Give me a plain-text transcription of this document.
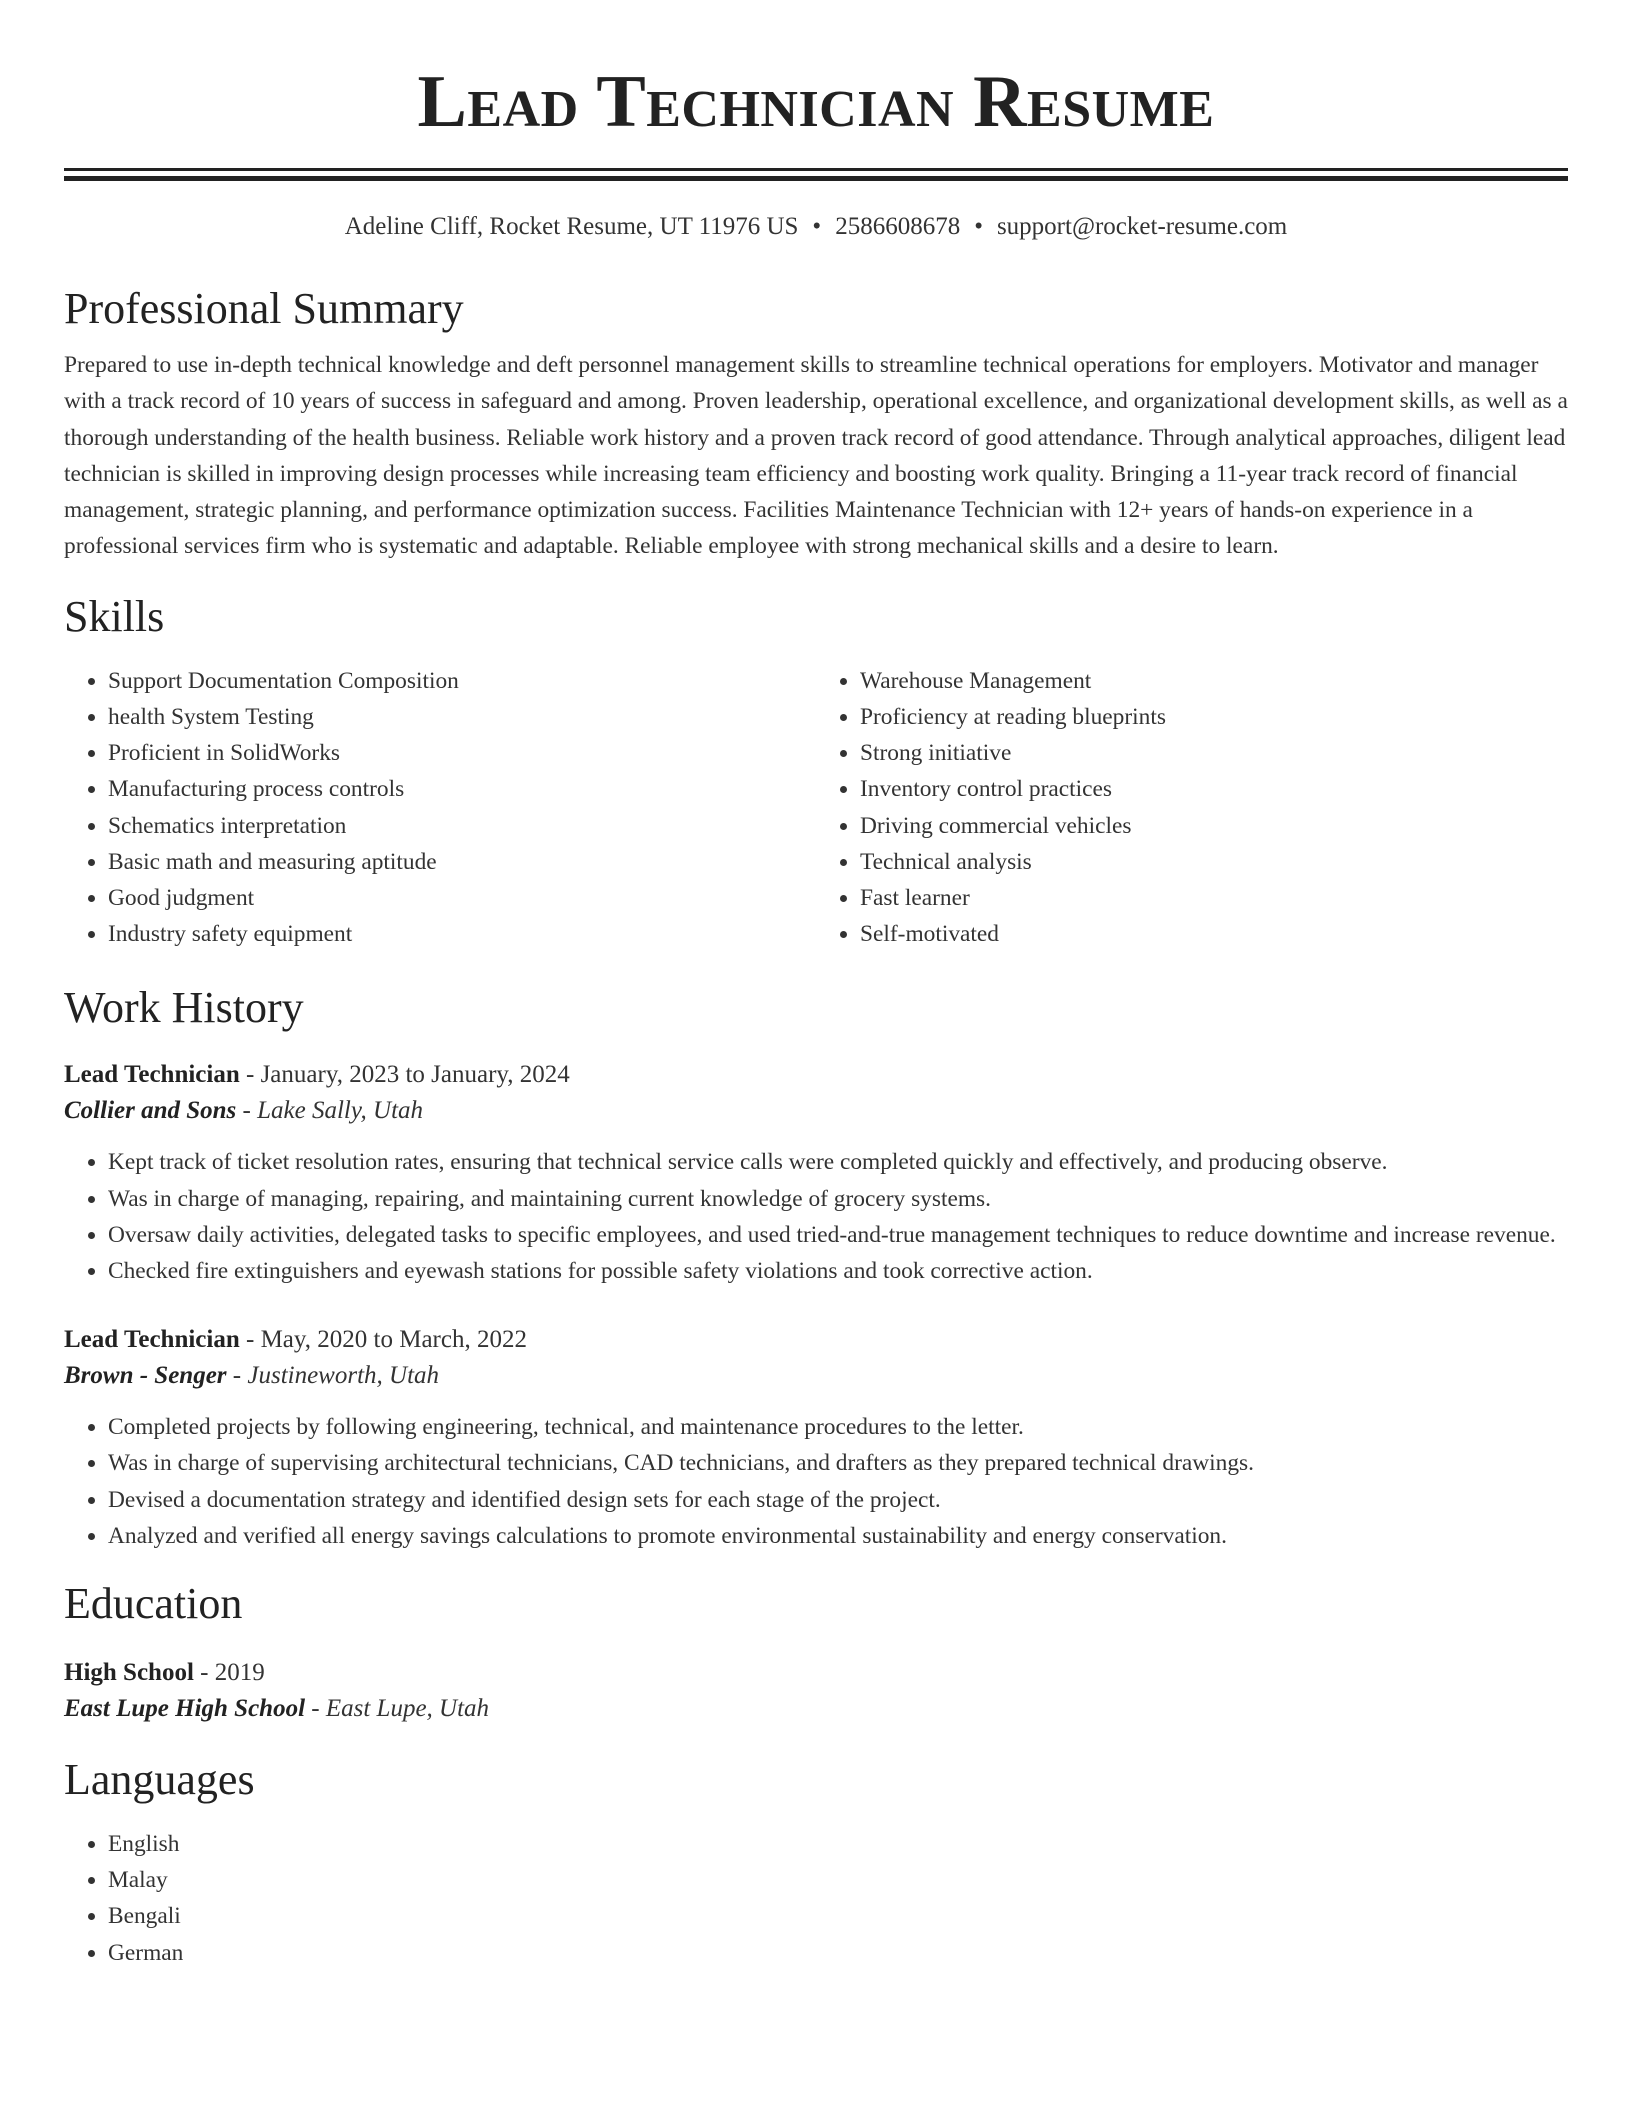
Lead Technician Resume
Adeline Cliff, Rocket Resume, UT 11976 US • 2586608678 • support@rocket-resume.com
Professional Summary

Prepared to use in-depth technical knowledge and deft personnel management skills to streamline technical operations for employers. Motivator and manager with a track record of 10 years of success in safeguard and among. Proven leadership, operational excellence, and organizational development skills, as well as a thorough understanding of the health business. Reliable work history and a proven track record of good attendance. Through analytical approaches, diligent lead technician is skilled in improving design processes while increasing team efficiency and boosting work quality. Bringing a 11-year track record of financial management, strategic planning, and performance optimization success. Facilities Maintenance Technician with 12+ years of hands-on experience in a professional services firm who is systematic and adaptable. Reliable employee with strong mechanical skills and a desire to learn.

Skills
• Support Documentation Composition
• health System Testing
• Proficient in SolidWorks
• Manufacturing process controls
• Schematics interpretation
• Basic math and measuring aptitude
• Good judgment
• Industry safety equipment
• Warehouse Management
• Proficiency at reading blueprints
• Strong initiative
• Inventory control practices
• Driving commercial vehicles
• Technical analysis
• Fast learner
• Self-motivated
Work History
Lead Technician - January, 2023 to January, 2024
Collier and Sons - Lake Sally, Utah
• Kept track of ticket resolution rates, ensuring that technical service calls were completed quickly and effectively, and producing observe.
• Was in charge of managing, repairing, and maintaining current knowledge of grocery systems.
• Oversaw daily activities, delegated tasks to specific employees, and used tried-and-true management techniques to reduce downtime and increase revenue.
• Checked fire extinguishers and eyewash stations for possible safety violations and took corrective action.
Lead Technician - May, 2020 to March, 2022
Brown - Senger - Justineworth, Utah
• Completed projects by following engineering, technical, and maintenance procedures to the letter.
• Was in charge of supervising architectural technicians, CAD technicians, and drafters as they prepared technical drawings.
• Devised a documentation strategy and identified design sets for each stage of the project.
• Analyzed and verified all energy savings calculations to promote environmental sustainability and energy conservation.
Education
High School - 2019
East Lupe High School - East Lupe, Utah
Languages
• English
• Malay
• Bengali
• German
